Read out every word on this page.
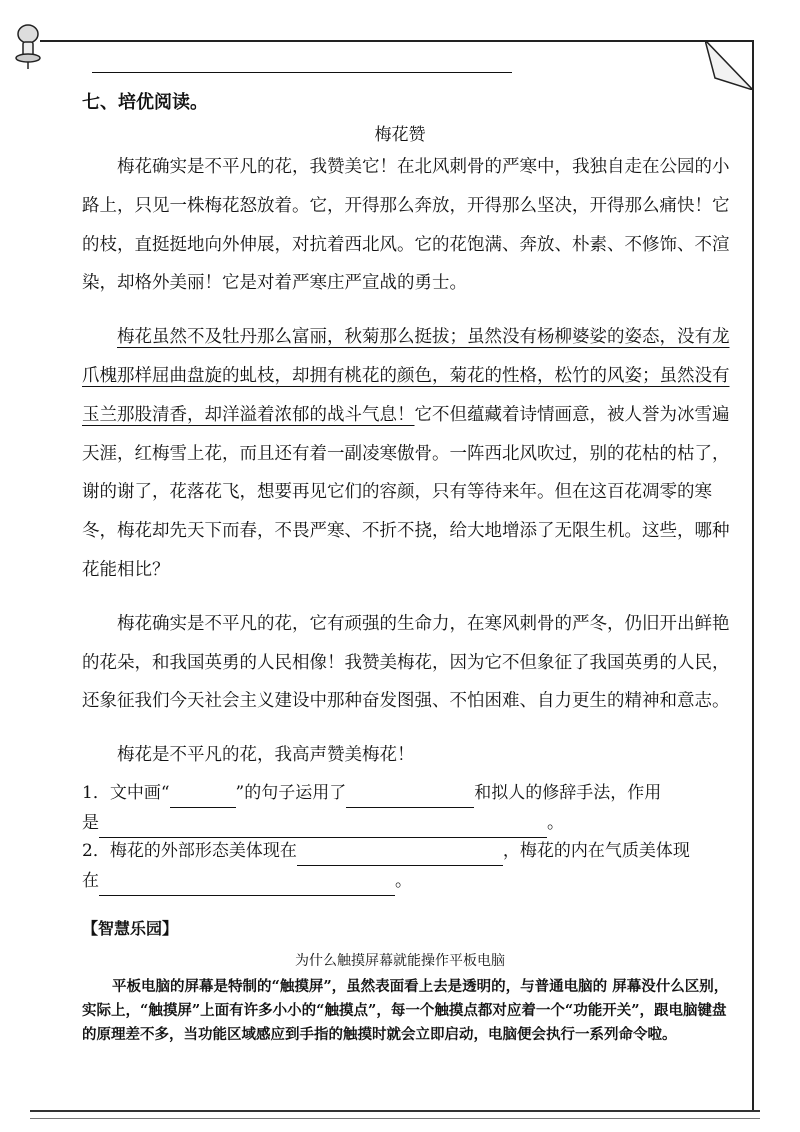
七、培优阅读。
梅花赞

梅花确实是不平凡的花，我赞美它！在北风刺骨的严寒中，我独自走在公园的小路上，只见一株梅花怒放着。它，开得那么奔放，开得那么坚决，开得那么痛快！它的枝，直挺挺地向外伸展，对抗着西北风。它的花饱满、奔放、朴素、不修饰、不渲染，却格外美丽！它是对着严寒庄严宣战的勇士。

梅花虽然不及牡丹那么富丽，秋菊那么挺拔；虽然没有杨柳婆娑的姿态，没有龙爪槐那样屈曲盘旋的虬枝，却拥有桃花的颜色，菊花的性格，松竹的风姿；虽然没有玉兰那股清香，却洋溢着浓郁的战斗气息！它不但蕴藏着诗情画意，被人誉为冰雪遍天涯，红梅雪上花，而且还有着一副凌寒傲骨。一阵西北风吹过，别的花枯的枯了，谢的谢了，花落花飞，想要再见它们的容颜，只有等待来年。但在这百花凋零的寒冬，梅花却先天下而春，不畏严寒、不折不挠，给大地增添了无限生机。这些，哪种花能相比？

梅花确实是不平凡的花，它有顽强的生命力，在寒风刺骨的严冬，仍旧开出鲜艳的花朵，和我国英勇的人民相像！我赞美梅花，因为它不但象征了我国英勇的人民，还象征我们今天社会主义建设中那种奋发图强、不怕困难、自力更生的精神和意志。

梅花是不平凡的花，我高声赞美梅花！

1．文中画“	”的句子运用了	和拟人的修辞手法，作用
是	。
2．梅花的外部形态美体现在	，梅花的内在气质美体现
在	。
【智慧乐园】
为什么触摸屏幕就能操作平板电脑

平板电脑的屏幕是特制的“触摸屏”，虽然表面看上去是透明的，与普通电脑的 屏幕没什么区别，实际上，“触摸屏”上面有许多小小的“触摸点”，每一个触摸点都对应着一个“功能开关”，跟电脑键盘的原理差不多，当功能区域感应到手指的触摸时就会立即启动，电脑便会执行一系列命令啦。
